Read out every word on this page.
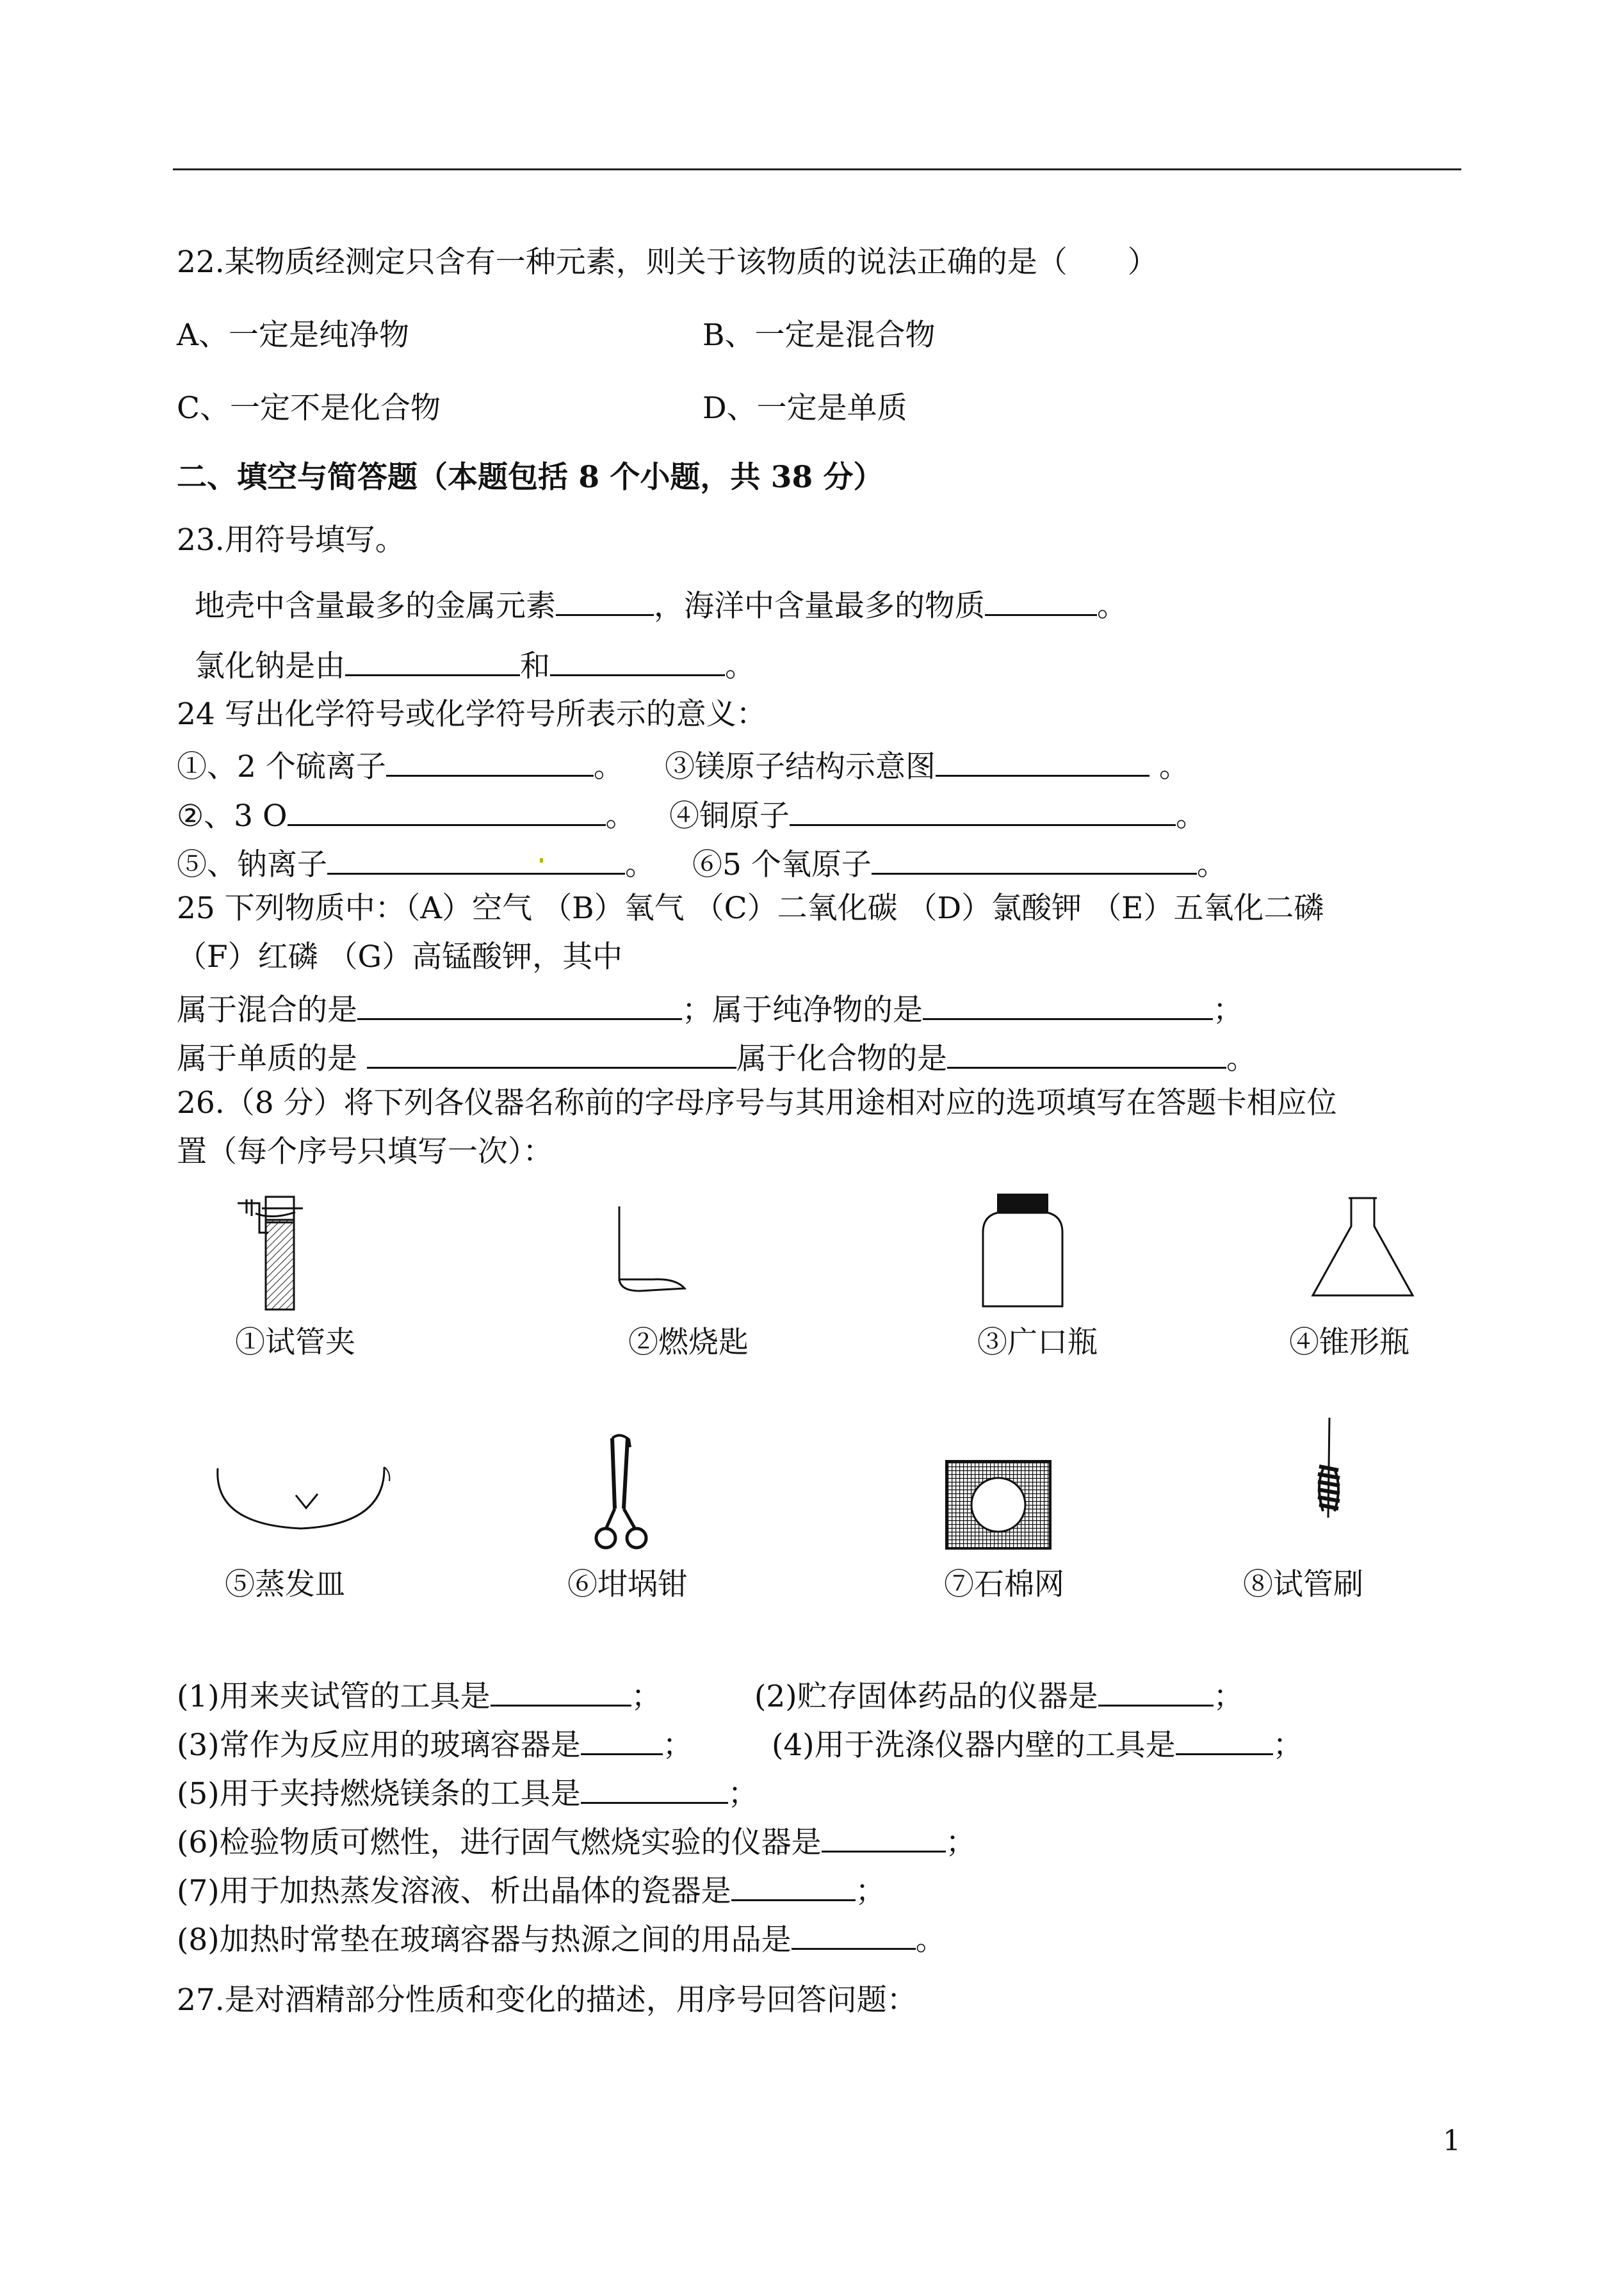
22.某物质经测定只含有一种元素，则关于该物质的说法正确的是（　　）
A、一定是纯净物	B、一定是混合物
C、一定不是化合物	D、一定是单质
二、填空与简答题（本题包括 8 个小题，共 38 分）
23.用符号填写。
地壳中含量最多的金属元素	，海洋中含量最多的物质	。
氯化钠是由	和	。
24 写出化学符号或化学符号所表示的意义：
①、2 个硫离子	。 ③镁原子结构示意图	。
②、3 O	。 ④铜原子	。
⑤、钠离子	。 ⑥5 个氧原子	。
25 下列物质中：（A）空气 （B）氧气 （C）二氧化碳 （D）氯酸钾 （E）五氧化二磷
（F）红磷 （G）高锰酸钾，其中
属于混合的是	；属于纯净物的是	；
属于单质的是	属于化合物的是	。
26.（8 分）将下列各仪器名称前的字母序号与其用途相对应的选项填写在答题卡相应位
置（每个序号只填写一次）：
①试管夹	②燃烧匙	③广口瓶	④锥形瓶
⑤蒸发皿	⑥坩埚钳	⑦石棉网	⑧试管刷
(1)用来夹试管的工具是	；	(2)贮存固体药品的仪器是	；
(3)常作为反应用的玻璃容器是	；	(4)用于洗涤仪器内壁的工具是	；
(5)用于夹持燃烧镁条的工具是	；
(6)检验物质可燃性，进行固气燃烧实验的仪器是	；
(7)用于加热蒸发溶液、析出晶体的瓷器是	；
(8)加热时常垫在玻璃容器与热源之间的用品是	。
27.是对酒精部分性质和变化的描述，用序号回答问题：
1
